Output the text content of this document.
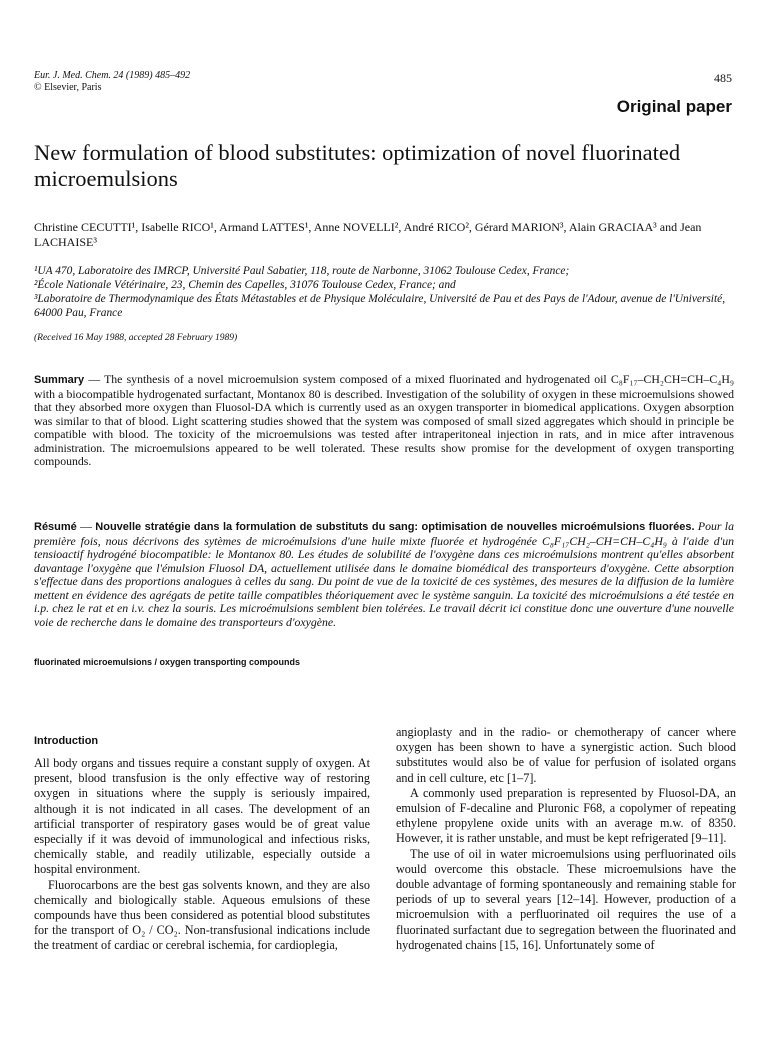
Eur. J. Med. Chem. 24 (1989) 485–492
© Elsevier, Paris
485
Original paper
New formulation of blood substitutes: optimization of novel fluorinated microemulsions
Christine CECUTTI¹, Isabelle RICO¹, Armand LATTES¹, Anne NOVELLI², André RICO², Gérard MARION³, Alain GRACIAA³ and Jean LACHAISE³
¹UA 470, Laboratoire des IMRCP, Université Paul Sabatier, 118, route de Narbonne, 31062 Toulouse Cedex, France;
²École Nationale Vétérinaire, 23, Chemin des Capelles, 31076 Toulouse Cedex, France; and
³Laboratoire de Thermodynamique des États Métastables et de Physique Moléculaire, Université de Pau et des Pays de l'Adour, avenue de l'Université, 64000 Pau, France
(Received 16 May 1988, accepted 28 February 1989)
Summary — The synthesis of a novel microemulsion system composed of a mixed fluorinated and hydrogenated oil C₈F₁₇–CH₂CH=CH–C₄H₉ with a biocompatible hydrogenated surfactant, Montanox 80 is described. Investigation of the solubility of oxygen in these microemulsions showed that they absorbed more oxygen than Fluosol-DA which is currently used as an oxygen transporter in biomedical applications. Oxygen absorption was similar to that of blood. Light scattering studies showed that the system was composed of small sized aggregates which should in principle be compatible with blood. The toxicity of the microemulsions was tested after intraperitoneal injection in rats, and in mice after intravenous administration. The microemulsions appeared to be well tolerated. These results show promise for the development of oxygen transporting compounds.
Résumé — Nouvelle stratégie dans la formulation de substituts du sang: optimisation de nouvelles microémulsions fluorées. Pour la première fois, nous décrivons des sytèmes de microémulsions d'une huile mixte fluorée et hydrogénée C₈F₁₇CH₂–CH=CH–C₄H₉ à l'aide d'un tensioactif hydrogéné biocompatible: le Montanox 80. Les études de solubilité de l'oxygène dans ces microémulsions montrent qu'elles absorbent davantage l'oxygène que l'émulsion Fluosol DA, actuellement utilisée dans le domaine biomédical des transporteurs d'oxygène. Cette absorption s'effectue dans des proportions analogues à celles du sang. Du point de vue de la toxicité de ces systèmes, des mesures de la diffusion de la lumière mettent en évidence des agrégats de petite taille compatibles théoriquement avec le système sanguin. La toxicité des microémulsions a été testée en i.p. chez le rat et en i.v. chez la souris. Les microémulsions semblent bien tolérées. Le travail décrit ici constitue donc une ouverture d'une nouvelle voie de recherche dans le domaine des transporteurs d'oxygène.
fluorinated microemulsions / oxygen transporting compounds
Introduction

All body organs and tissues require a constant supply of oxygen. At present, blood transfusion is the only effective way of restoring oxygen in situations where the supply is seriously impaired, although it is not indicated in all cases. The development of an artificial transporter of respiratory gases would be of great value especially if it was devoid of immunological and infectious risks, chemically stable, and readily utilizable, especially outside a hospital environment.

Fluorocarbons are the best gas solvents known, and they are also chemically and biologically stable. Aqueous emulsions of these compounds have thus been considered as potential blood substitutes for the transport of O₂ / CO₂. Non-transfusional indications include the treatment of cardiac or cerebral ischemia, for cardioplegia,

angioplasty and in the radio- or chemotherapy of cancer where oxygen has been shown to have a synergistic action. Such blood substitutes would also be of value for perfusion of isolated organs and in cell culture, etc [1–7].

A commonly used preparation is represented by Fluosol-DA, an emulsion of F-decaline and Pluronic F68, a copolymer of repeating ethylene propylene oxide units with an average m.w. of 8350. However, it is rather unstable, and must be kept refrigerated [9–11].

The use of oil in water microemulsions using perfluorinated oils would overcome this obstacle. These microemulsions have the double advantage of forming spontaneously and remaining stable for periods of up to several years [12–14]. However, production of a microemulsion with a perfluorinated oil requires the use of a fluorinated surfactant due to segregation between the fluorinated and hydrogenated chains [15, 16]. Unfortunately some of
